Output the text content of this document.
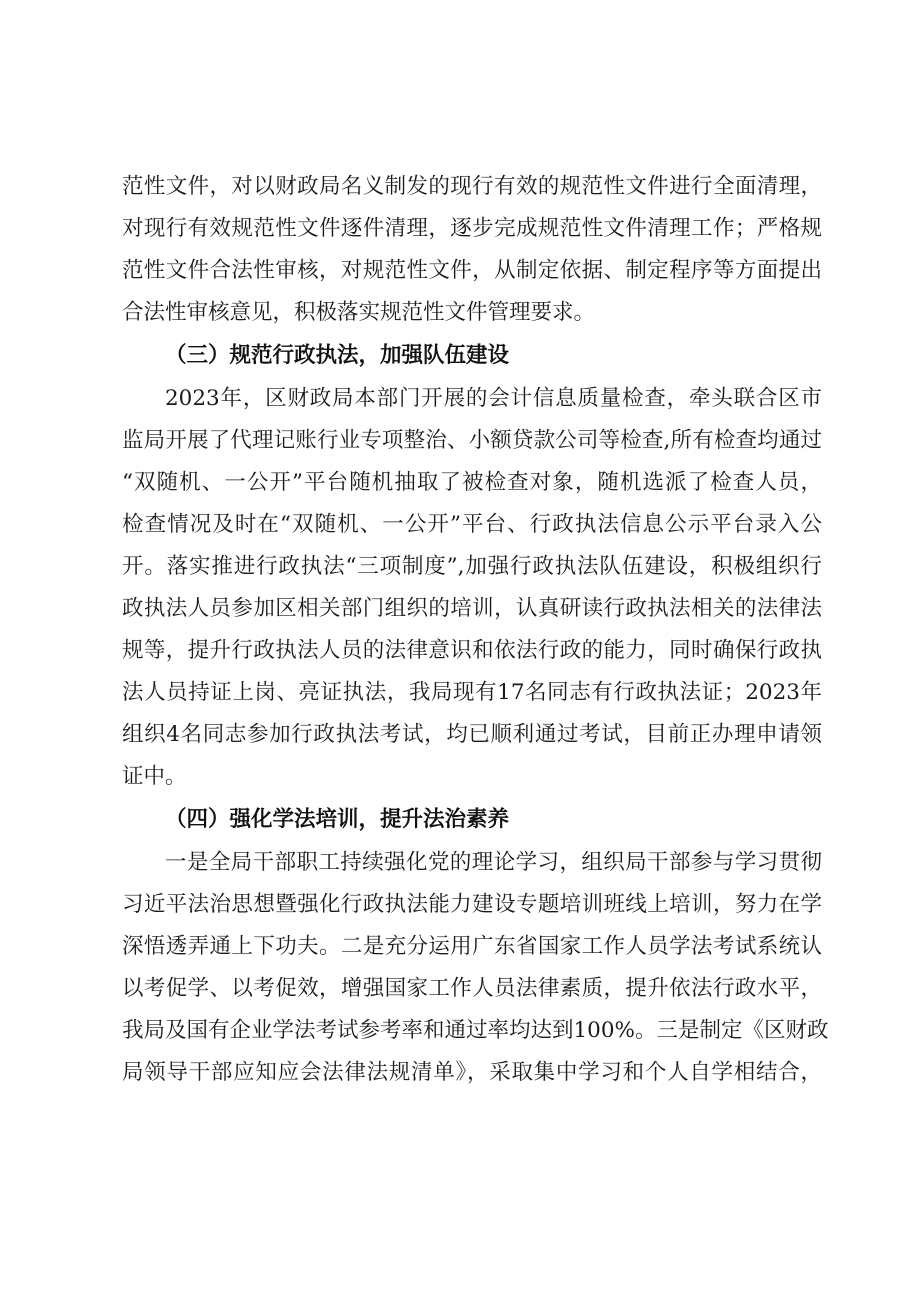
范性文件，对以财政局名义制发的现行有效的规范性文件进行全面清理，
对现行有效规范性文件逐件清理，逐步完成规范性文件清理工作；严格规
范性文件合法性审核，对规范性文件，从制定依据、制定程序等方面提出
合法性审核意见，积极落实规范性文件管理要求。
（三）规范行政执法，加强队伍建设
2023年，区财政局本部门开展的会计信息质量检查，牵头联合区市
监局开展了代理记账行业专项整治、小额贷款公司等检查,所有检查均通过
“双随机、一公开”平台随机抽取了被检查对象，随机选派了检查人员，
检查情况及时在“双随机、一公开”平台、行政执法信息公示平台录入公
开。落实推进行政执法“三项制度”,加强行政执法队伍建设，积极组织行
政执法人员参加区相关部门组织的培训，认真研读行政执法相关的法律法
规等，提升行政执法人员的法律意识和依法行政的能力，同时确保行政执
法人员持证上岗、亮证执法，我局现有17名同志有行政执法证；2023年
组织4名同志参加行政执法考试，均已顺利通过考试，目前正办理申请领
证中。
（四）强化学法培训，提升法治素养
一是全局干部职工持续强化党的理论学习，组织局干部参与学习贯彻
习近平法治思想暨强化行政执法能力建设专题培训班线上培训，努力在学
深悟透弄通上下功夫。二是充分运用广东省国家工作人员学法考试系统认
以考促学、以考促效，增强国家工作人员法律素质，提升依法行政水平，
我局及国有企业学法考试参考率和通过率均达到100%。三是制定《区财政
局领导干部应知应会法律法规清单》，采取集中学习和个人自学相结合，
